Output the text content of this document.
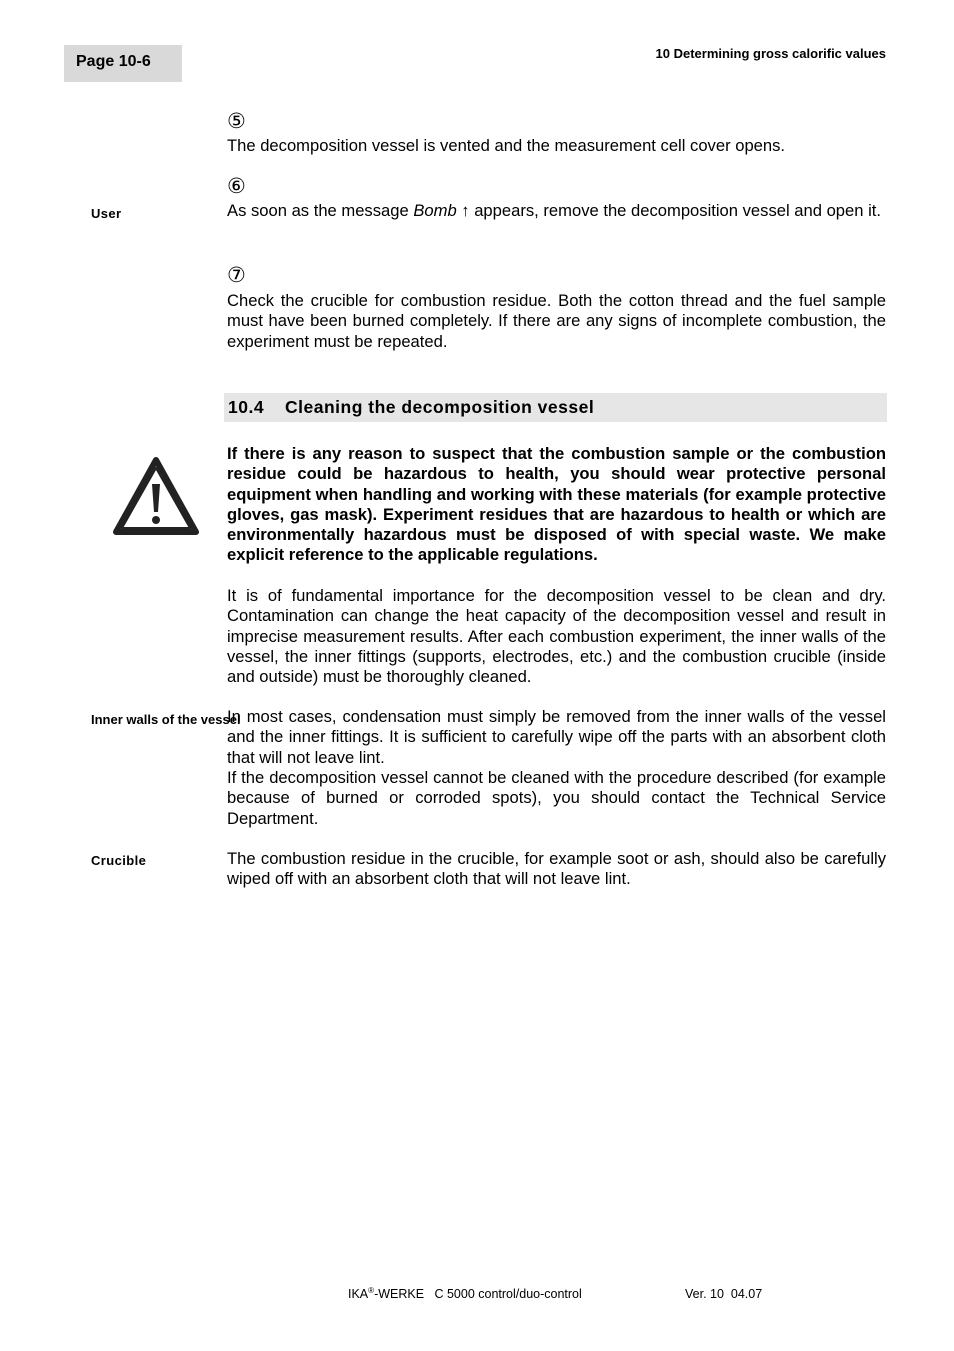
Page 10-6	10 Determining gross calorific values
⑤

The decomposition vessel is vented and the measurement cell cover opens.

⑥
User	As soon as the message Bomb ↑ appears, remove the decomposition vessel and open it.

⑦

Check the crucible for combustion residue. Both the cotton thread and the fuel sample must have been burned completely. If there are any signs of incomplete combustion, the experiment must be repeated.

10.4 Cleaning the decomposition vessel

If there is any reason to suspect that the combustion sample or the combustion residue could be hazardous to health, you should wear protective personal equipment when handling and working with these materials (for example protective gloves, gas mask). Experiment residues that are hazardous to health or which are environmentally hazardous must be disposed of with special waste. We make explicit reference to the applicable regulations.

It is of fundamental importance for the decomposition vessel to be clean and dry. Contamination can change the heat capacity of the decomposition vessel and result in imprecise measurement results. After each combustion experiment, the inner walls of the vessel, the inner fittings (supports, electrodes, etc.) and the combustion crucible (inside and outside) must be thoroughly cleaned.

Inner walls of the vessel

In most cases, condensation must simply be removed from the inner walls of the vessel and the inner fittings. It is sufficient to carefully wipe off the parts with an absorbent cloth that will not leave lint.

If the decomposition vessel cannot be cleaned with the procedure described (for example because of burned or corroded spots), you should contact the Technical Service Department.

Crucible	The combustion residue in the crucible, for example soot or ash, should also be carefully wiped off with an absorbent cloth that will not leave lint.

IKA®-WERKE   C 5000 control/duo-control	Ver. 10  04.07
